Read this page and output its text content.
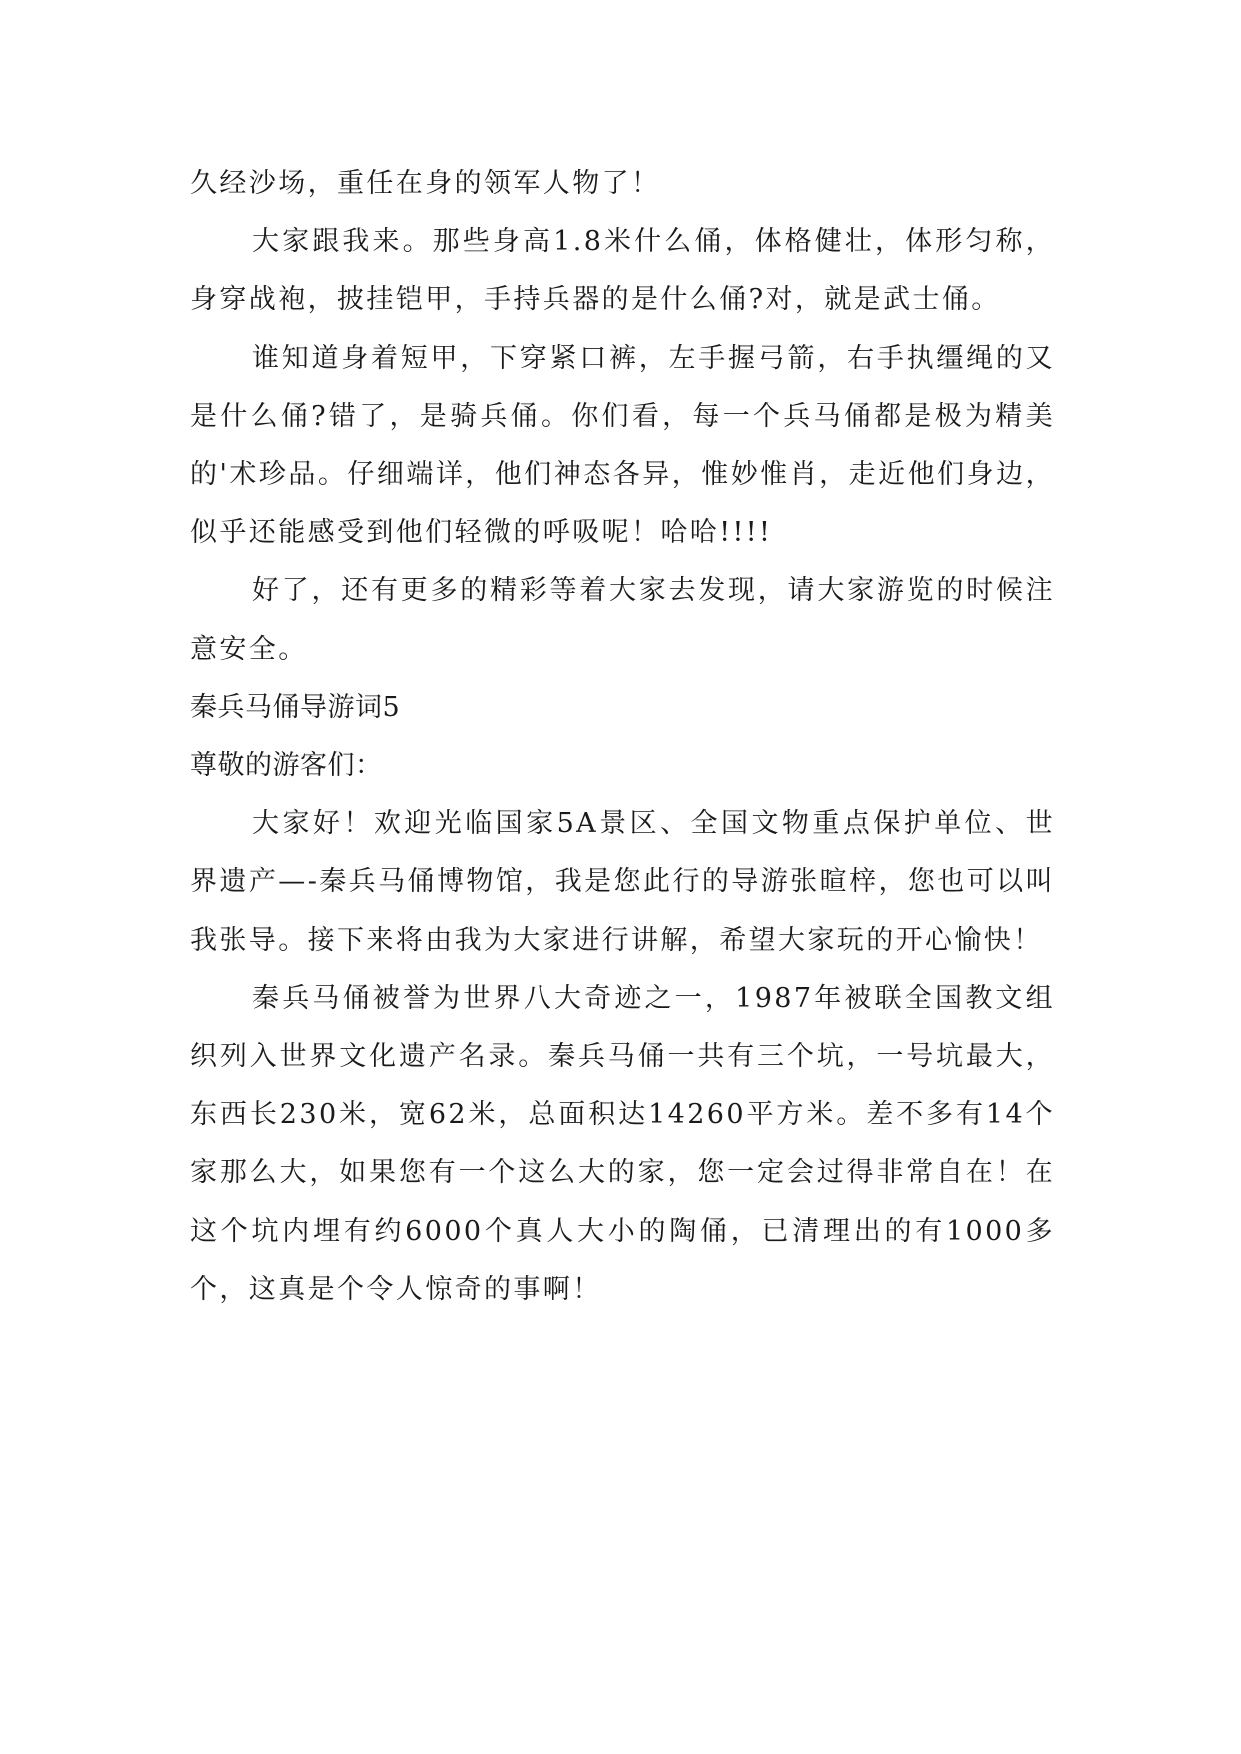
久经沙场，重任在身的领军人物了！

大家跟我来。那些身高1.8米什么俑，体格健壮，体形匀称，身穿战袍，披挂铠甲，手持兵器的是什么俑?对，就是武士俑。

谁知道身着短甲，下穿紧口裤，左手握弓箭，右手执缰绳的又是什么俑?错了，是骑兵俑。你们看，每一个兵马俑都是极为精美的'术珍品。仔细端详，他们神态各异，惟妙惟肖，走近他们身边，似乎还能感受到他们轻微的呼吸呢！哈哈!!!!

好了，还有更多的精彩等着大家去发现，请大家游览的时候注意安全。

秦兵马俑导游词5

尊敬的游客们：

大家好！欢迎光临国家5A景区、全国文物重点保护单位、世界遗产—-秦兵马俑博物馆，我是您此行的导游张暄梓，您也可以叫我张导。接下来将由我为大家进行讲解，希望大家玩的开心愉快！

秦兵马俑被誉为世界八大奇迹之一，1987年被联全国教文组织列入世界文化遗产名录。秦兵马俑一共有三个坑，一号坑最大，东西长230米，宽62米，总面积达14260平方米。差不多有14个家那么大，如果您有一个这么大的家，您一定会过得非常自在！在这个坑内埋有约6000个真人大小的陶俑，已清理出的有1000多个，这真是个令人惊奇的事啊！
